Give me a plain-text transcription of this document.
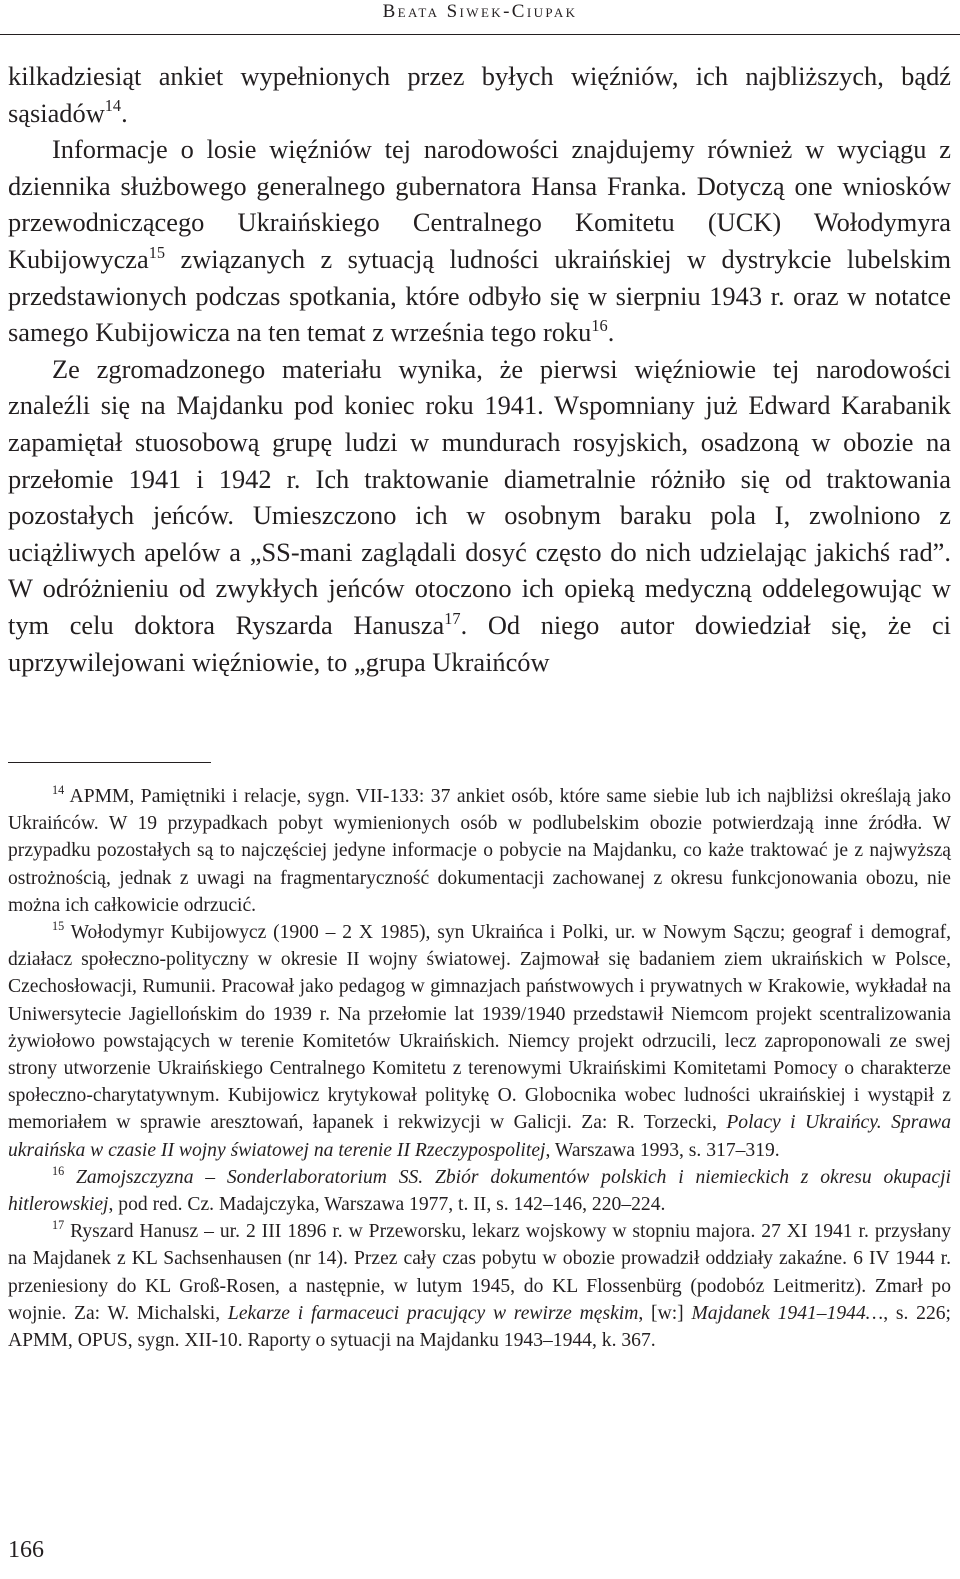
Beata Siwek-Ciupak

kilkadziesiąt ankiet wypełnionych przez byłych więźniów, ich najbliższych, bądź sąsiadów$^{14}$.

Informacje o losie więźniów tej narodowości znajdujemy również w wyciągu z dziennika służbowego generalnego gubernatora Hansa Franka. Dotyczą one wniosków przewodniczącego Ukraińskiego Centralnego Komitetu (UCK) Wołodymyra Kubijowycza$^{15}$ związanych z sytuacją ludności ukraińskiej w dystrykcie lubelskim przedstawionych podczas spotkania, które odbyło się w sierpniu 1943 r. oraz w notatce samego Kubijowicza na ten temat z września tego roku$^{16}$.

Ze zgromadzonego materiału wynika, że pierwsi więźniowie tej narodowości znaleźli się na Majdanku pod koniec roku 1941. Wspomniany już Edward Karabanik zapamiętał stuosobową grupę ludzi w mundurach rosyjskich, osadzoną w obozie na przełomie 1941 i 1942 r. Ich traktowanie diametralnie różniło się od traktowania pozostałych jeńców. Umieszczono ich w osobnym baraku pola I, zwolniono z uciążliwych apelów a „SS-mani zaglądali dosyć często do nich udzielając jakichś rad”. W odróżnieniu od zwykłych jeńców otoczono ich opieką medyczną oddelegowując w tym celu doktora Ryszarda Hanusza$^{17}$. Od niego autor dowiedział się, że ci uprzywilejowani więźniowie, to „grupa Ukraińców

$^{14}$ APMM, Pamiętniki i relacje, sygn. VII-133: 37 ankiet osób, które same siebie lub ich najbliżsi określają jako Ukraińców. W 19 przypadkach pobyt wymienionych osób w podlubelskim obozie potwierdzają inne źródła. W przypadku pozostałych są to najczęściej jedyne informacje o pobycie na Majdanku, co każe traktować je z najwyższą ostrożnością, jednak z uwagi na fragmentaryczność dokumentacji zachowanej z okresu funkcjonowania obozu, nie można ich całkowicie odrzucić.

$^{15}$ Wołodymyr Kubijowycz (1900 – 2 X 1985), syn Ukraińca i Polki, ur. w Nowym Sączu; geograf i demograf, działacz społeczno-polityczny w okresie II wojny światowej. Zajmował się badaniem ziem ukraińskich w Polsce, Czechosłowacji, Rumunii. Pracował jako pedagog w gimnazjach państwowych i prywatnych w Krakowie, wykładał na Uniwersytecie Jagiellońskim do 1939 r. Na przełomie lat 1939/1940 przedstawił Niemcom projekt scentralizowania żywiołowo powstających w terenie Komitetów Ukraińskich. Niemcy projekt odrzucili, lecz zaproponowali ze swej strony utworzenie Ukraińskiego Centralnego Komitetu z terenowymi Ukraińskimi Komitetami Pomocy o charakterze społeczno-charytatywnym. Kubijowicz krytykował politykę O. Globocnika wobec ludności ukraińskiej i wystąpił z memoriałem w sprawie aresztowań, łapanek i rekwizycji w Galicji. Za: R. Torzecki, Polacy i Ukraińcy. Sprawa ukraińska w czasie II wojny światowej na terenie II Rzeczypospolitej, Warszawa 1993, s. 317–319.

$^{16}$ Zamojszczyzna – Sonderlaboratorium SS. Zbiór dokumentów polskich i niemieckich z okresu okupacji hitlerowskiej, pod red. Cz. Madajczyka, Warszawa 1977, t. II, s. 142–146, 220–224.

$^{17}$ Ryszard Hanusz – ur. 2 III 1896 r. w Przeworsku, lekarz wojskowy w stopniu majora. 27 XI 1941 r. przysłany na Majdanek z KL Sachsenhausen (nr 14). Przez cały czas pobytu w obozie prowadził oddziały zakaźne. 6 IV 1944 r. przeniesiony do KL Groß-Rosen, a następnie, w lutym 1945, do KL Flossenbürg (podobóz Leitmeritz). Zmarł po wojnie. Za: W. Michalski, Lekarze i farmaceuci pracujący w rewirze męskim, [w:] Majdanek 1941–1944…, s. 226; APMM, OPUS, sygn. XII-10. Raporty o sytuacji na Majdanku 1943–1944, k. 367.

166
